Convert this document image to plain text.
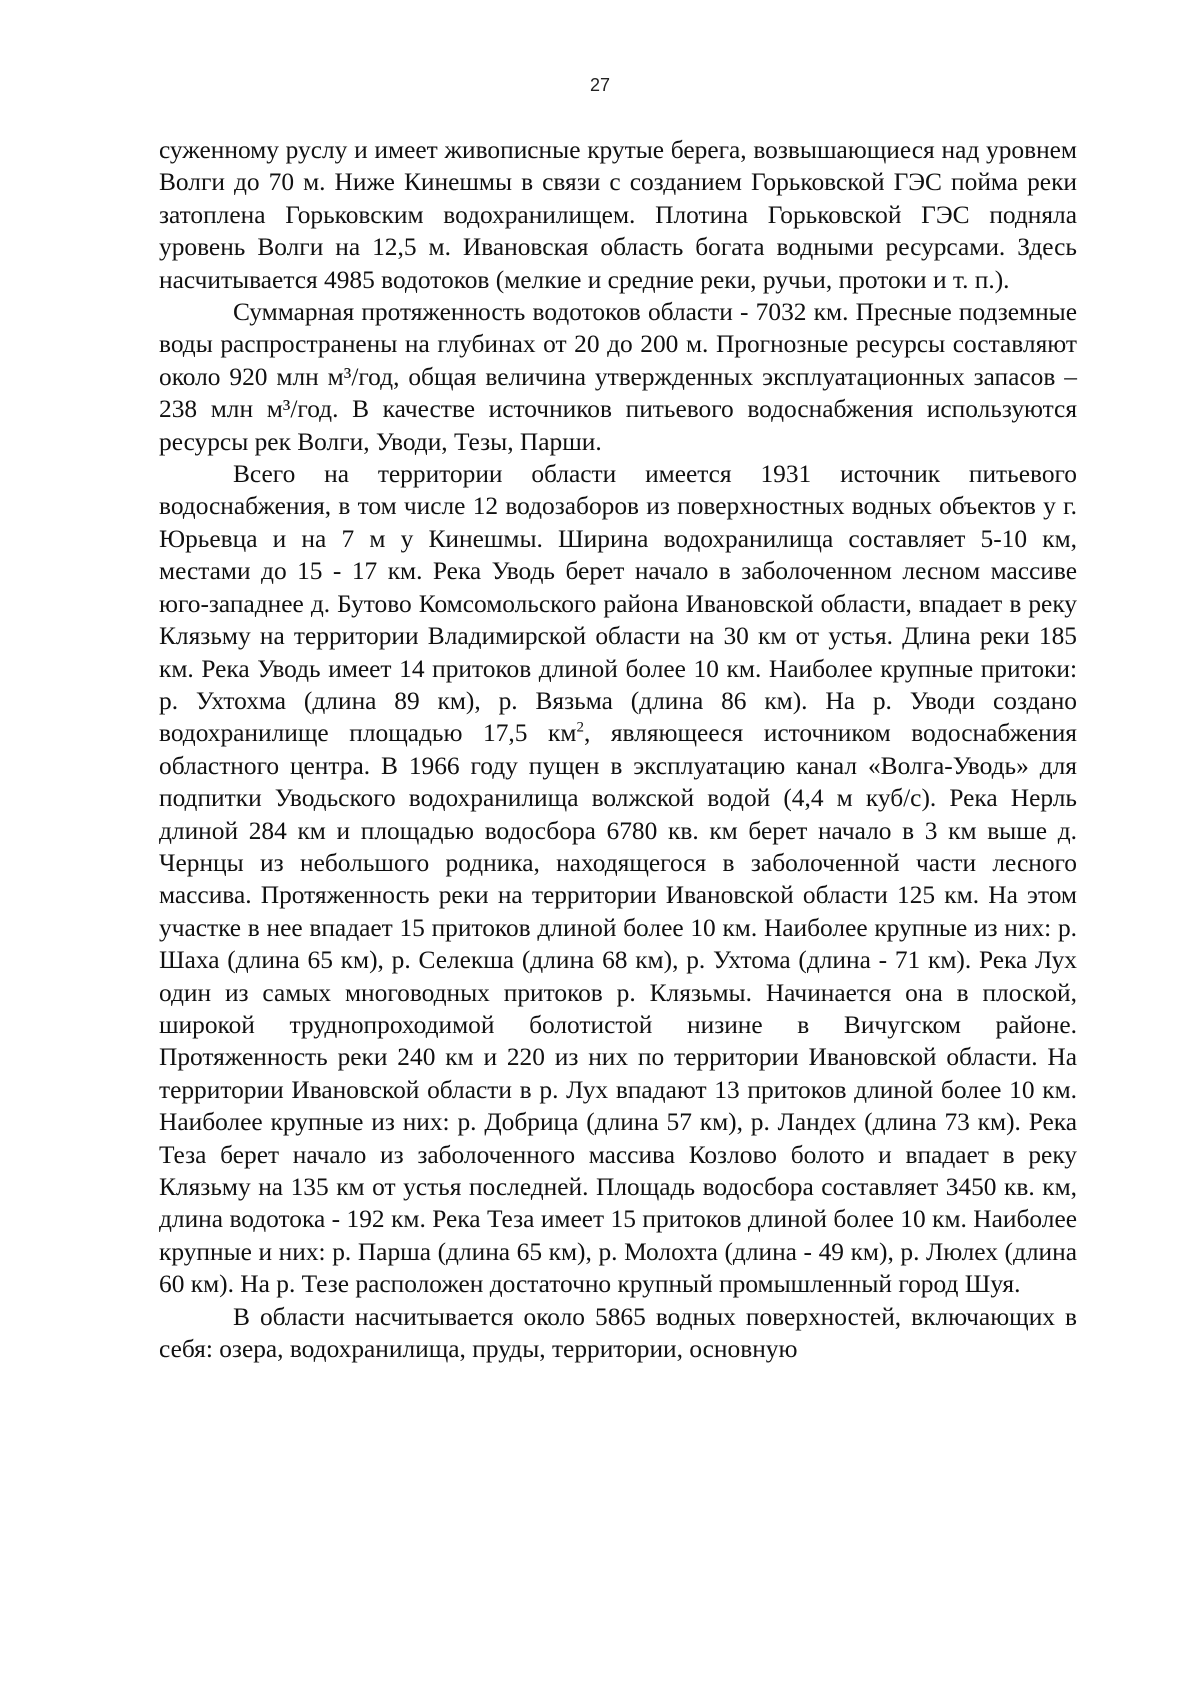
27

суженному руслу и имеет живописные крутые берега, возвышающиеся над уровнем Волги до 70 м. Ниже Кинешмы в связи с созданием Горьковской ГЭС пойма реки затоплена Горьковским водохранилищем. Плотина Горьковской ГЭС подняла уровень Волги на 12,5 м. Ивановская область богата водными ресурсами. Здесь насчитывается 4985 водотоков (мелкие и средние реки, ручьи, протоки и т. п.).

Суммарная протяженность водотоков области - 7032 км. Пресные подземные воды распространены на глубинах от 20 до 200 м. Прогнозные ресурсы составляют около 920 млн м³/год, общая величина утвержденных эксплуатационных запасов – 238 млн м³/год. В качестве источников питьевого водоснабжения используются ресурсы рек Волги, Уводи, Тезы, Парши.

Всего на территории области имеется 1931 источник питьевого водоснабжения, в том числе 12 водозаборов из поверхностных водных объектов у г. Юрьевца и на 7 м у Кинешмы. Ширина водохранилища составляет 5-10 км, местами до 15 - 17 км. Река Уводь берет начало в заболоченном лесном массиве юго-западнее д. Бутово Комсомольского района Ивановской области, впадает в реку Клязьму на территории Владимирской области на 30 км от устья. Длина реки 185 км. Река Уводь имеет 14 притоков длиной более 10 км. Наиболее крупные притоки: р. Ухтохма (длина 89 км), р. Вязьма (длина 86 км). На р. Уводи создано водохранилище площадью 17,5 $км^2$, являющееся источником водоснабжения областного центра. В 1966 году пущен в эксплуатацию канал «Волга-Уводь» для подпитки Уводьского водохранилища волжской водой (4,4 м куб/с). Река Нерль длиной 284 км и площадью водосбора 6780 кв. км берет начало в 3 км выше д. Чернцы из небольшого родника, находящегося в заболоченной части лесного массива. Протяженность реки на территории Ивановской области 125 км. На этом участке в нее впадает 15 притоков длиной более 10 км. Наиболее крупные из них: р. Шаха (длина 65 км), р. Селекша (длина 68 км), р. Ухтома (длина - 71 км). Река Лух один из самых многоводных притоков р. Клязьмы. Начинается она в плоской, широкой труднопроходимой болотистой низине в Вичугском районе. Протяженность реки 240 км и 220 из них по территории Ивановской области. На территории Ивановской области в р. Лух впадают 13 притоков длиной более 10 км. Наиболее крупные из них: р. Добрица (длина 57 км), р. Ландех (длина 73 км). Река Теза берет начало из заболоченного массива Козлово болото и впадает в реку Клязьму на 135 км от устья последней. Площадь водосбора составляет 3450 кв. км, длина водотока - 192 км. Река Теза имеет 15 притоков длиной более 10 км. Наиболее крупные и них: р. Парша (длина 65 км), р. Молохта (длина - 49 км), р. Люлех (длина 60 км). На р. Тезе расположен достаточно крупный промышленный город Шуя.

В области насчитывается около 5865 водных поверхностей, включающих в себя: озера, водохранилища, пруды, территории, основную
